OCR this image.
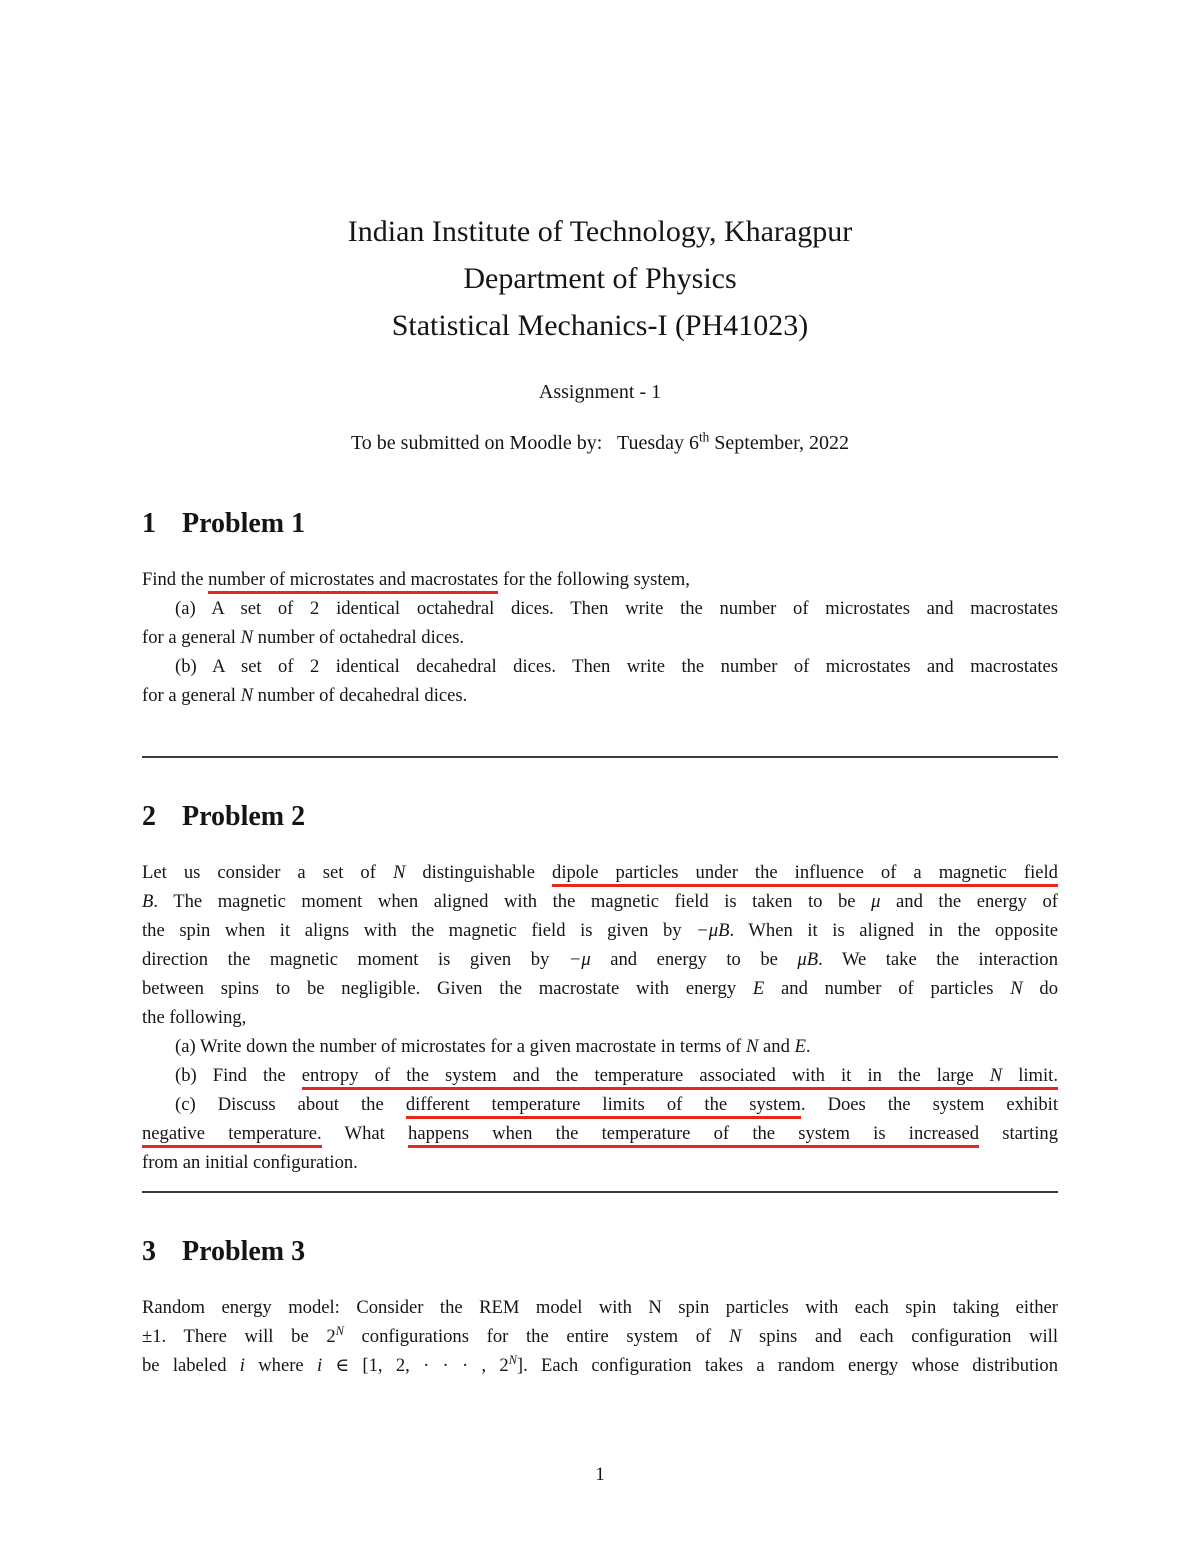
Indian Institute of Technology, Kharagpur
Department of Physics
Statistical Mechanics-I (PH41023)
Assignment - 1
To be submitted on Moodle by:   Tuesday 6th September, 2022
1 Problem 1
Find the number of microstates and macrostates for the following system,
(a) A set of 2 identical octahedral dices. Then write the number of microstates and macrostates
for a general N number of octahedral dices.
(b) A set of 2 identical decahedral dices. Then write the number of microstates and macrostates
for a general N number of decahedral dices.
2 Problem 2
Let us consider a set of N distinguishable dipole particles under the influence of a magnetic field
B. The magnetic moment when aligned with the magnetic field is taken to be μ and the energy of
the spin when it aligns with the magnetic field is given by −μB. When it is aligned in the opposite
direction the magnetic moment is given by −μ and energy to be μB. We take the interaction
between spins to be negligible. Given the macrostate with energy E and number of particles N do
the following,
(a) Write down the number of microstates for a given macrostate in terms of N and E.
(b) Find the entropy of the system and the temperature associated with it in the large N limit.
(c) Discuss about the different temperature limits of the system. Does the system exhibit
negative temperature. What happens when the temperature of the system is increased starting
from an initial configuration.
3 Problem 3
Random energy model: Consider the REM model with N spin particles with each spin taking either
±1. There will be $2^N$ configurations for the entire system of N spins and each configuration will
be labeled i where i ∈ [1, 2, · · · , $2^N$]. Each configuration takes a random energy whose distribution
1
